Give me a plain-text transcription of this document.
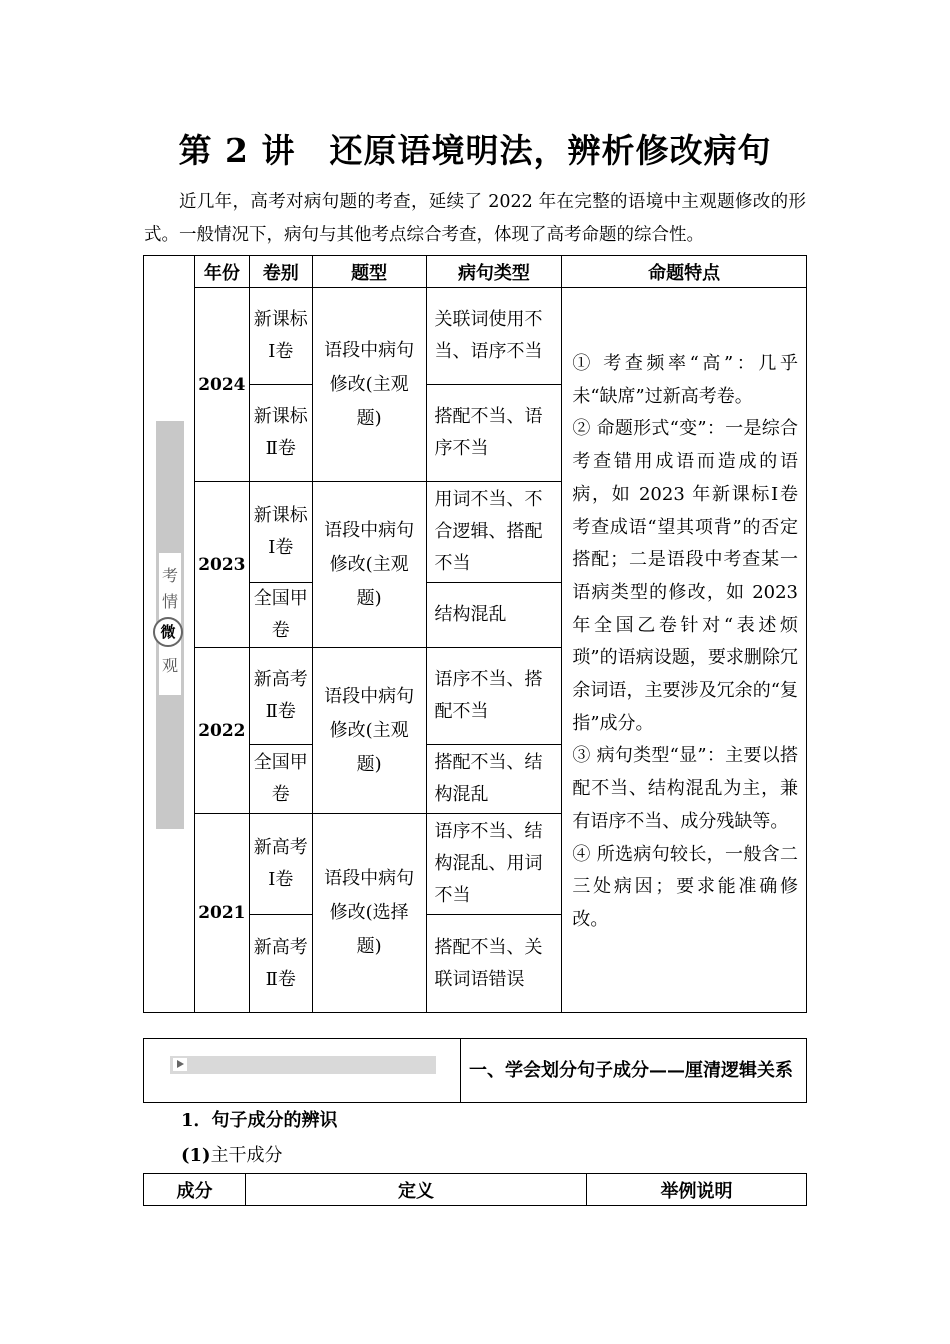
第 2 讲　还原语境明法，辨析修改病句
近几年，高考对病句题的考查，延续了 2022 年在完整的语境中主观题修改的形式。一般情况下，病句与其他考点综合考查，体现了高考命题的综合性。
	年份	卷别	题型	病句类型	命题特点
	2024	新课标Ⅰ卷	语段中病句修改(主观题)	关联词使用不当、语序不当	① 考查频率“高”：几乎未“缺席”过新高考卷。
② 命题形式“变”：一是综合考查错用成语而造成的语病，如 2023 年新课标Ⅰ卷考查成语“望其项背”的否定搭配；二是语段中考查某一语病类型的修改，如 2023 年全国乙卷针对“表述烦琐”的语病设题，要求删除冗余词语，主要涉及冗余的“复指”成分。
③ 病句类型“显”：主要以搭配不当、结构混乱为主，兼有语序不当、成分残缺等。
④ 所选病句较长，一般含二三处病因；要求能准确修改。

		新课标Ⅱ卷		搭配不当、语序不当	
	2023	新课标Ⅰ卷	语段中病句修改(主观题)	用词不当、不合逻辑、搭配不当	
		全国甲卷		结构混乱	
	2022	新高考Ⅱ卷	语段中病句修改(主观题)	语序不当、搭配不当	
		全国甲卷		搭配不当、结构混乱	
	2021	新高考Ⅰ卷	语段中病句修改(选择题)	语序不当、结构混乱、用词不当	
		新高考Ⅱ卷		搭配不当、关联词语错误	
考
情
观
微
	一、学会划分句子成分——厘清逻辑关系
1．句子成分的辨识
(1)主干成分
成分	定义	举例说明
